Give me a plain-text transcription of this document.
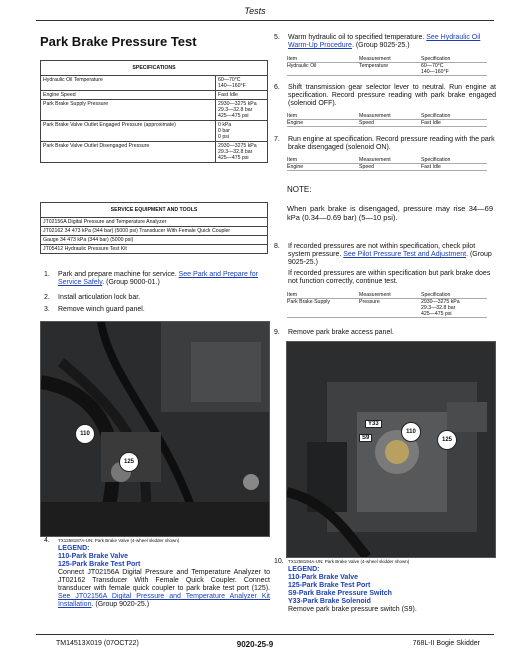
Tests
Park Brake Pressure Test
SPECIFICATIONS	
Hydraulic Oil Temperature	60—70°C
140—160°F
Engine Speed	Fast Idle
Park Brake Supply Pressure	2930—3275 kPa
29.3—32.8 bar
425—475 psi
Park Brake Valve Outlet Engaged Pressure (approximate)	0 kPa
0 bar
0 psi
Park Brake Valve Outlet Disengaged Pressure	2930—3275 kPa
29.3—32.8 bar
425—475 psi
SERVICE EQUIPMENT AND TOOLS
JT02156A Digital Pressure and Temperature Analyzer
JT02162 34 473 kPa (344 bar) (5000 psi) Transducer With Female Quick Coupler
Gauge 34 473 kPa (344 bar) (5000 psi)
JT05412 Hydraulic Pressure Test Kit
1. Park and prepare machine for service. See Park and Prepare for Service Safely. (Group 9000-01.)
2. Install articulation lock bar.
3. Remove winch guard panel.
110
125
4. TX1258187A-UN: Park Brake Valve (4-wheel skidder shown)
LEGEND:
110-Park Brake Valve
125-Park Brake Test Port
Connect JT02156A Digital Pressure and Temperature Analyzer to JT02162 Transducer With Female Quick Coupler. Connect transducer with female quick coupler to park brake test port (125). See JT02156A Digital Pressure and Temperature Analyzer Kit Installation. (Group 9020-25.)
5. Warm hydraulic oil to specified temperature. See Hydraulic Oil Warm-Up Procedure. (Group 9025-25.)
Item	Measurement	Specification
Hydraulic Oil	Temperature	60—70°C
140—160°F
6. Shift transmission gear selector lever to neutral. Run engine at specification. Record pressure reading with park brake engaged (solenoid OFF).
Item	Measurement	Specification
Engine	Speed	Fast Idle
7. Run engine at specification. Record pressure reading with the park brake disengaged (solenoid ON).
Item	Measurement	Specification
Engine	Speed	Fast Idle
NOTE:
When park brake is disengaged, pressure may rise 34—69 kPa (0.34—0.69 bar) (5—10 psi).
8. If recorded pressures are not within specification, check pilot system pressure. See Pilot Pressure Test and Adjustment. (Group 9025-25.)
If recorded pressures are within specification but park brake does not function correctly, continue test.
Item	Measurement	Specification
Park Brake Supply	Pressure	2930—3275 kPa
29.3—32.8 bar
425—475 psi
9. Remove park brake access panel.
Y33
110
S9	125
10. TX1258194A-UN: Park Brake Valve (4-wheel skidder shown)
LEGEND:
110-Park Brake Valve
125-Park Brake Test Port
S9-Park Brake Pressure Switch
Y33-Park Brake Solenoid
Remove park brake pressure switch (S9).
TM14513X019 (07OCT22)	9020-25-9	768L-II Bogie Skidder
